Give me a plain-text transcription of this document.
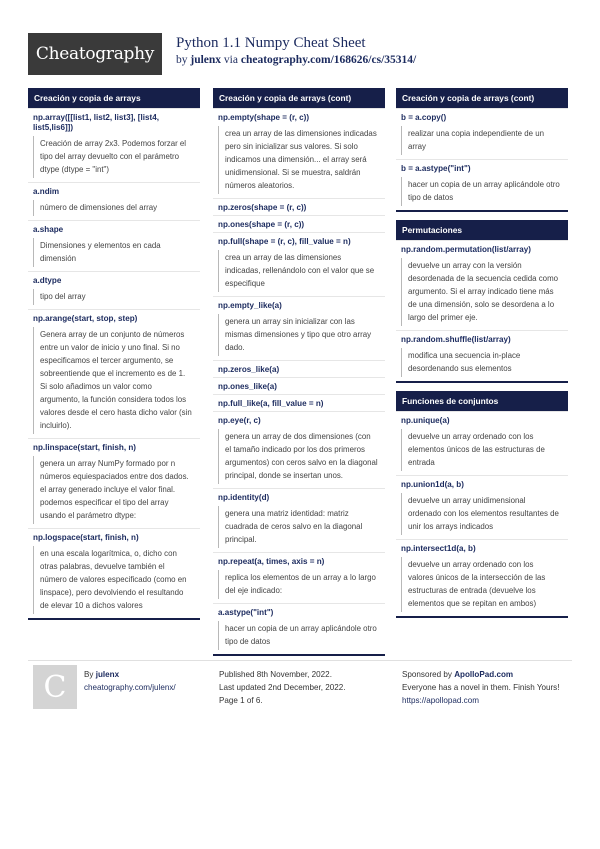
Cheatography
Python 1.1 Numpy Cheat Sheet
by julenx via cheatography.com/168626/cs/35314/
Creación y copia de arrays
np.array([[list1, list2, list3], [list4, list5,lis6]])
Creación de array 2x3. Podemos forzar el tipo del array devuelto con el parámetro dtype (dtype = "int")
a.ndim
número de dimensiones del array
a.shape
Dimensiones y elementos en cada dimensión
a.dtype
tipo del array
np.arange(start, stop, step)
Genera array de un conjunto de números entre un valor de inicio y uno final. Si no especificamos el tercer argumento, se sobreentiende que el incremento es de 1. Si solo añadimos un valor como argumento, la función considera todos los valores desde el cero hasta dicho valor (sin incluirlo).
np.linspace(start, finish, n)
genera un array NumPy formado por n números equiespaciados entre dos dados. el array generado incluye el valor final. podemos especificar el tipo del array usando el parámetro dtype:
np.logspace(start, finish, n)
en una escala logarítmica, o, dicho con otras palabras, devuelve también el número de valores especificado (como en linspace), pero devolviendo el resultando de elevar 10 a dichos valores
Creación y copia de arrays (cont)
np.empty(shape = (r, c))
crea un array de las dimensiones indicadas pero sin inicializar sus valores. Si solo indicamos una dimensión... el array será unidimensional. Si se muestra, saldrán números aleatorios.
np.zeros(shape = (r, c))
np.ones(shape = (r, c))
np.full(shape = (r, c), fill_value = n)
crea un array de las dimensiones indicadas, rellenándolo con el valor que se especifique
np.empty_like(a)
genera un array sin inicializar con las mismas dimensiones y tipo que otro array dado.
np.zeros_like(a)
np.ones_like(a)
np.full_like(a, fill_value = n)
np.eye(r, c)
genera un array de dos dimensiones (con el tamaño indicado por los dos primeros argumentos) con ceros salvo en la diagonal principal, donde se insertan unos.
np.identity(d)
genera una matriz identidad: matriz cuadrada de ceros salvo en la diagonal principal.
np.repeat(a, times, axis = n)
replica los elementos de un array a lo largo del eje indicado:
a.astype("int")
hacer un copia de un array aplicándole otro tipo de datos
Creación y copia de arrays (cont)
b = a.copy()
realizar una copia independiente de un array
b = a.astype("int")
hacer un copia de un array aplicándole otro tipo de datos
Permutaciones
np.random.permutation(list/array)
devuelve un array con la versión desordenada de la secuencia cedida como argumento. Si el array indicado tiene más de una dimensión, solo se desordena a lo largo del primer eje.
np.random.shuffle(list/array)
modifica una secuencia in-place desordenando sus elementos
Funciones de conjuntos
np.unique(a)
devuelve un array ordenado con los elementos únicos de las estructuras de entrada
np.union1d(a, b)
devuelve un array unidimensional ordenado con los elementos resultantes de unir los arrays indicados
np.intersect1d(a, b)
devuelve un array ordenado con los valores únicos de la intersección de las estructuras de entrada (devuelve los elementos que se repitan en ambos)
C By julenx
cheatography.com/julenx/
Published 8th November, 2022.
Last updated 2nd December, 2022.
Page 1 of 6.
Sponsored by ApolloPad.com
Everyone has a novel in them. Finish Yours!
https://apollopad.com
